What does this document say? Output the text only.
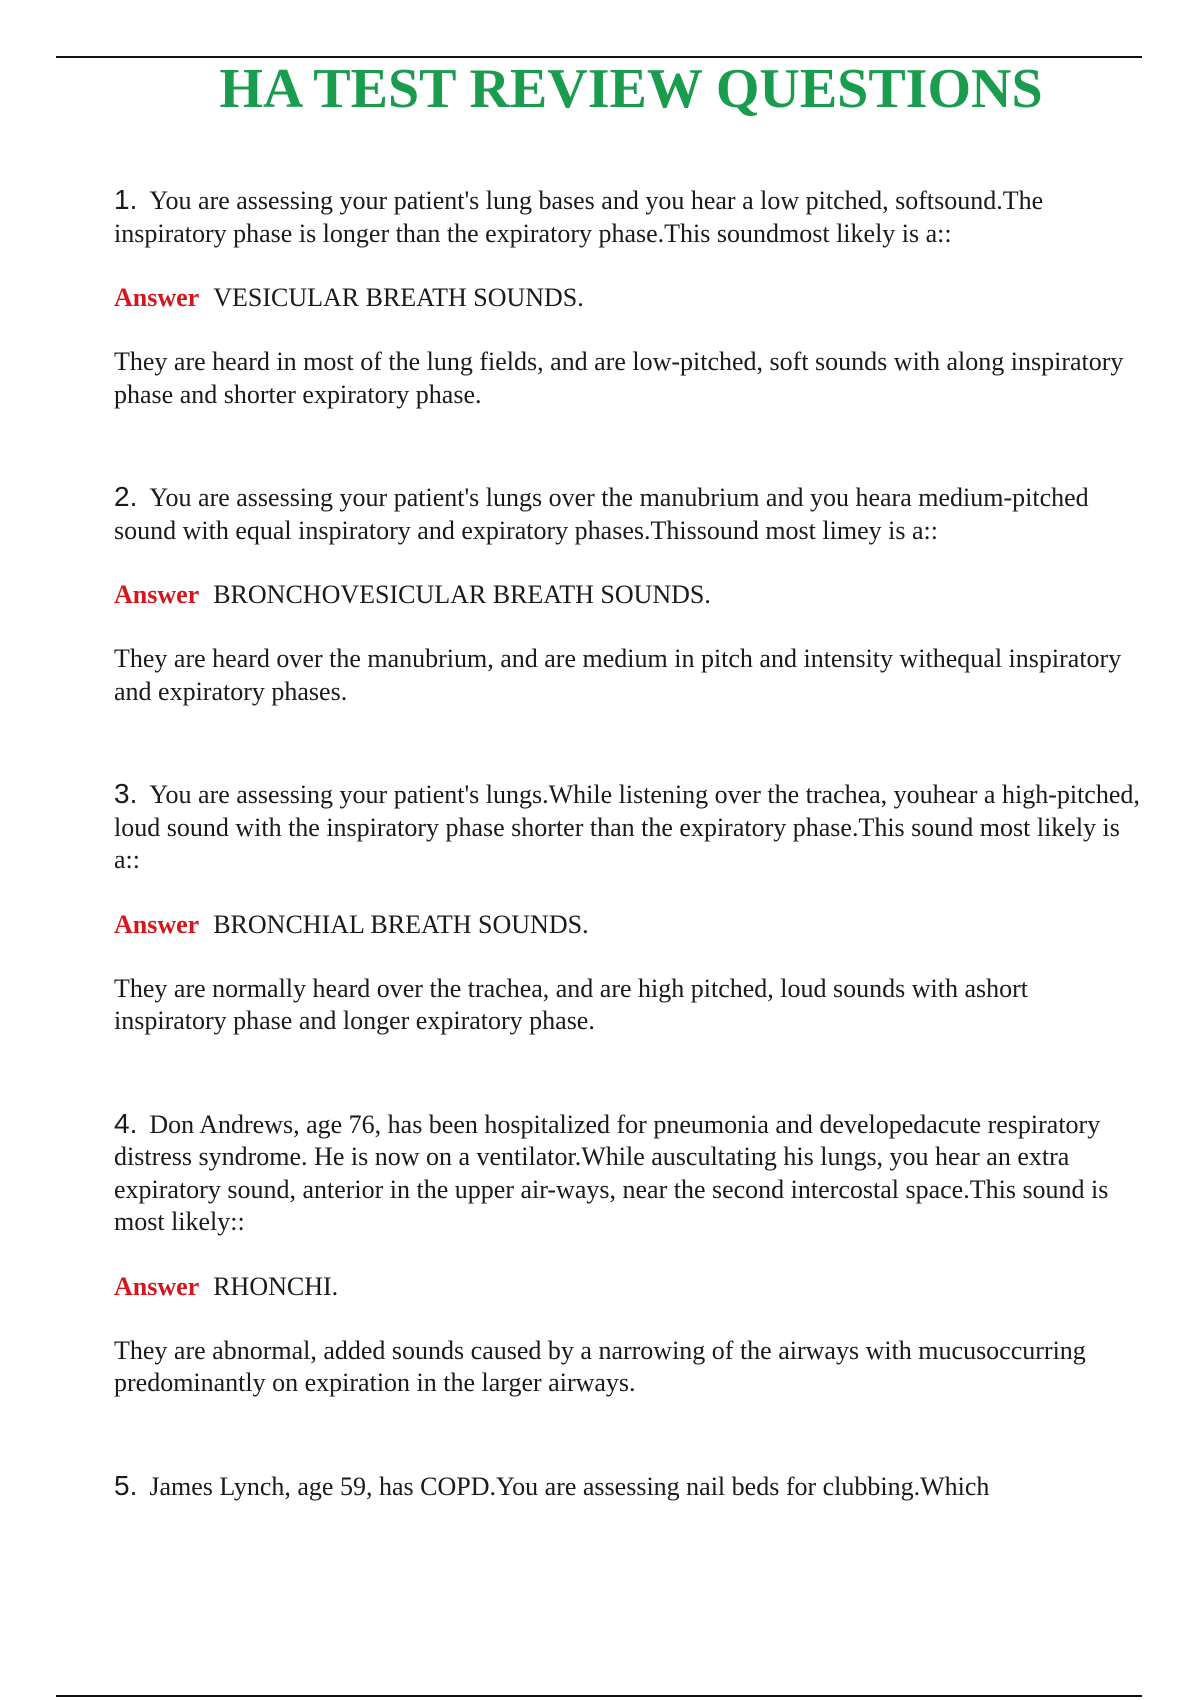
HA TEST REVIEW QUESTIONS

1. You are assessing your patient's lung bases and you hear a low pitched, softsound.The inspiratory phase is longer than the expiratory phase.This soundmost likely is a::

Answer VESICULAR BREATH SOUNDS.

They are heard in most of the lung fields, and are low-pitched, soft sounds with along inspiratory phase and shorter expiratory phase.

2. You are assessing your patient's lungs over the manubrium and you heara medium-pitched sound with equal inspiratory and expiratory phases.Thissound most limey is a::

Answer BRONCHOVESICULAR BREATH SOUNDS.

They are heard over the manubrium, and are medium in pitch and intensity withequal inspiratory and expiratory phases.

3. You are assessing your patient's lungs.While listening over the trachea, youhear a high-pitched, loud sound with the inspiratory phase shorter than the expiratory phase.This sound most likely is a::

Answer BRONCHIAL BREATH SOUNDS.

They are normally heard over the trachea, and are high pitched, loud sounds with ashort inspiratory phase and longer expiratory phase.

4. Don Andrews, age 76, has been hospitalized for pneumonia and developedacute respiratory distress syndrome. He is now on a ventilator.While auscultating his lungs, you hear an extra expiratory sound, anterior in the upper air-ways, near the second intercostal space.This sound is most likely::

Answer RHONCHI.

They are abnormal, added sounds caused by a narrowing of the airways with mucusoccurring predominantly on expiration in the larger airways.

5. James Lynch, age 59, has COPD.You are assessing nail beds for clubbing.Which
